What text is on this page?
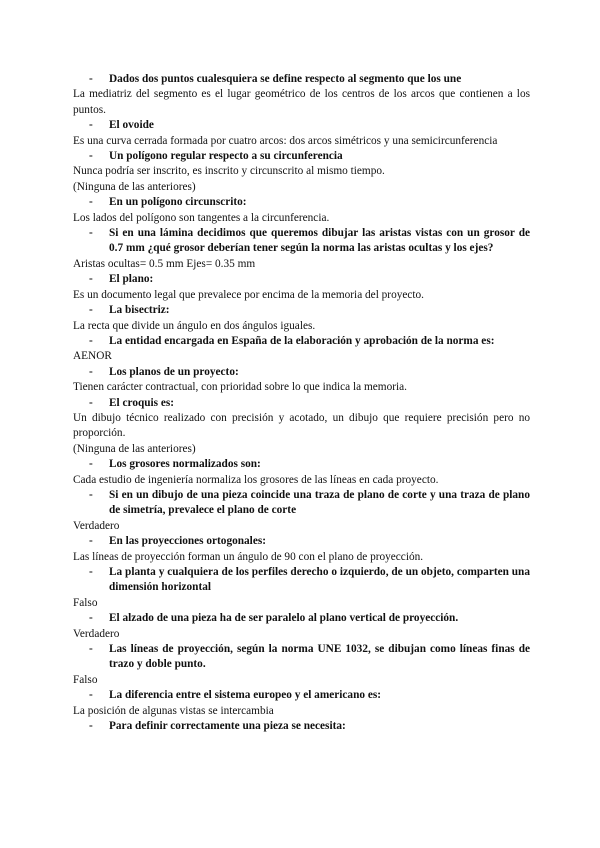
- Dados dos puntos cualesquiera se define respecto al segmento que los une
La mediatriz del segmento es el lugar geométrico de los centros de los arcos que contienen a los puntos.
- El ovoide
Es una curva cerrada formada por cuatro arcos: dos arcos simétricos y una semicircunferencia
- Un polígono regular respecto a su circunferencia
Nunca podría ser inscrito, es inscrito y circunscrito al mismo tiempo.
(Ninguna de las anteriores)
- En un polígono circunscrito:
Los lados del polígono son tangentes a la circunferencia.
- Si en una lámina decidimos que queremos dibujar las aristas vistas con un grosor de 0.7 mm ¿qué grosor deberían tener según la norma las aristas ocultas y los ejes?
Aristas ocultas= 0.5 mm Ejes= 0.35 mm
- El plano:
Es un documento legal que prevalece por encima de la memoria del proyecto.
- La bisectriz:
La recta que divide un ángulo en dos ángulos iguales.
- La entidad encargada en España de la elaboración y aprobación de la norma es:
AENOR
- Los planos de un proyecto:
Tienen carácter contractual, con prioridad sobre lo que indica la memoria.
- El croquis es:
Un dibujo técnico realizado con precisión y acotado, un dibujo que requiere precisión pero no proporción.
(Ninguna de las anteriores)
- Los grosores normalizados son:
Cada estudio de ingeniería normaliza los grosores de las líneas en cada proyecto.
- Si en un dibujo de una pieza coincide una traza de plano de corte y una traza de plano de simetría, prevalece el plano de corte
Verdadero
- En las proyecciones ortogonales:
Las líneas de proyección forman un ángulo de 90 con el plano de proyección.
- La planta y cualquiera de los perfiles derecho o izquierdo, de un objeto, comparten una dimensión horizontal
Falso
- El alzado de una pieza ha de ser paralelo al plano vertical de proyección.
Verdadero
- Las líneas de proyección, según la norma UNE 1032, se dibujan como líneas finas de trazo y doble punto.
Falso
- La diferencia entre el sistema europeo y el americano es:
La posición de algunas vistas se intercambia
- Para definir correctamente una pieza se necesita:
